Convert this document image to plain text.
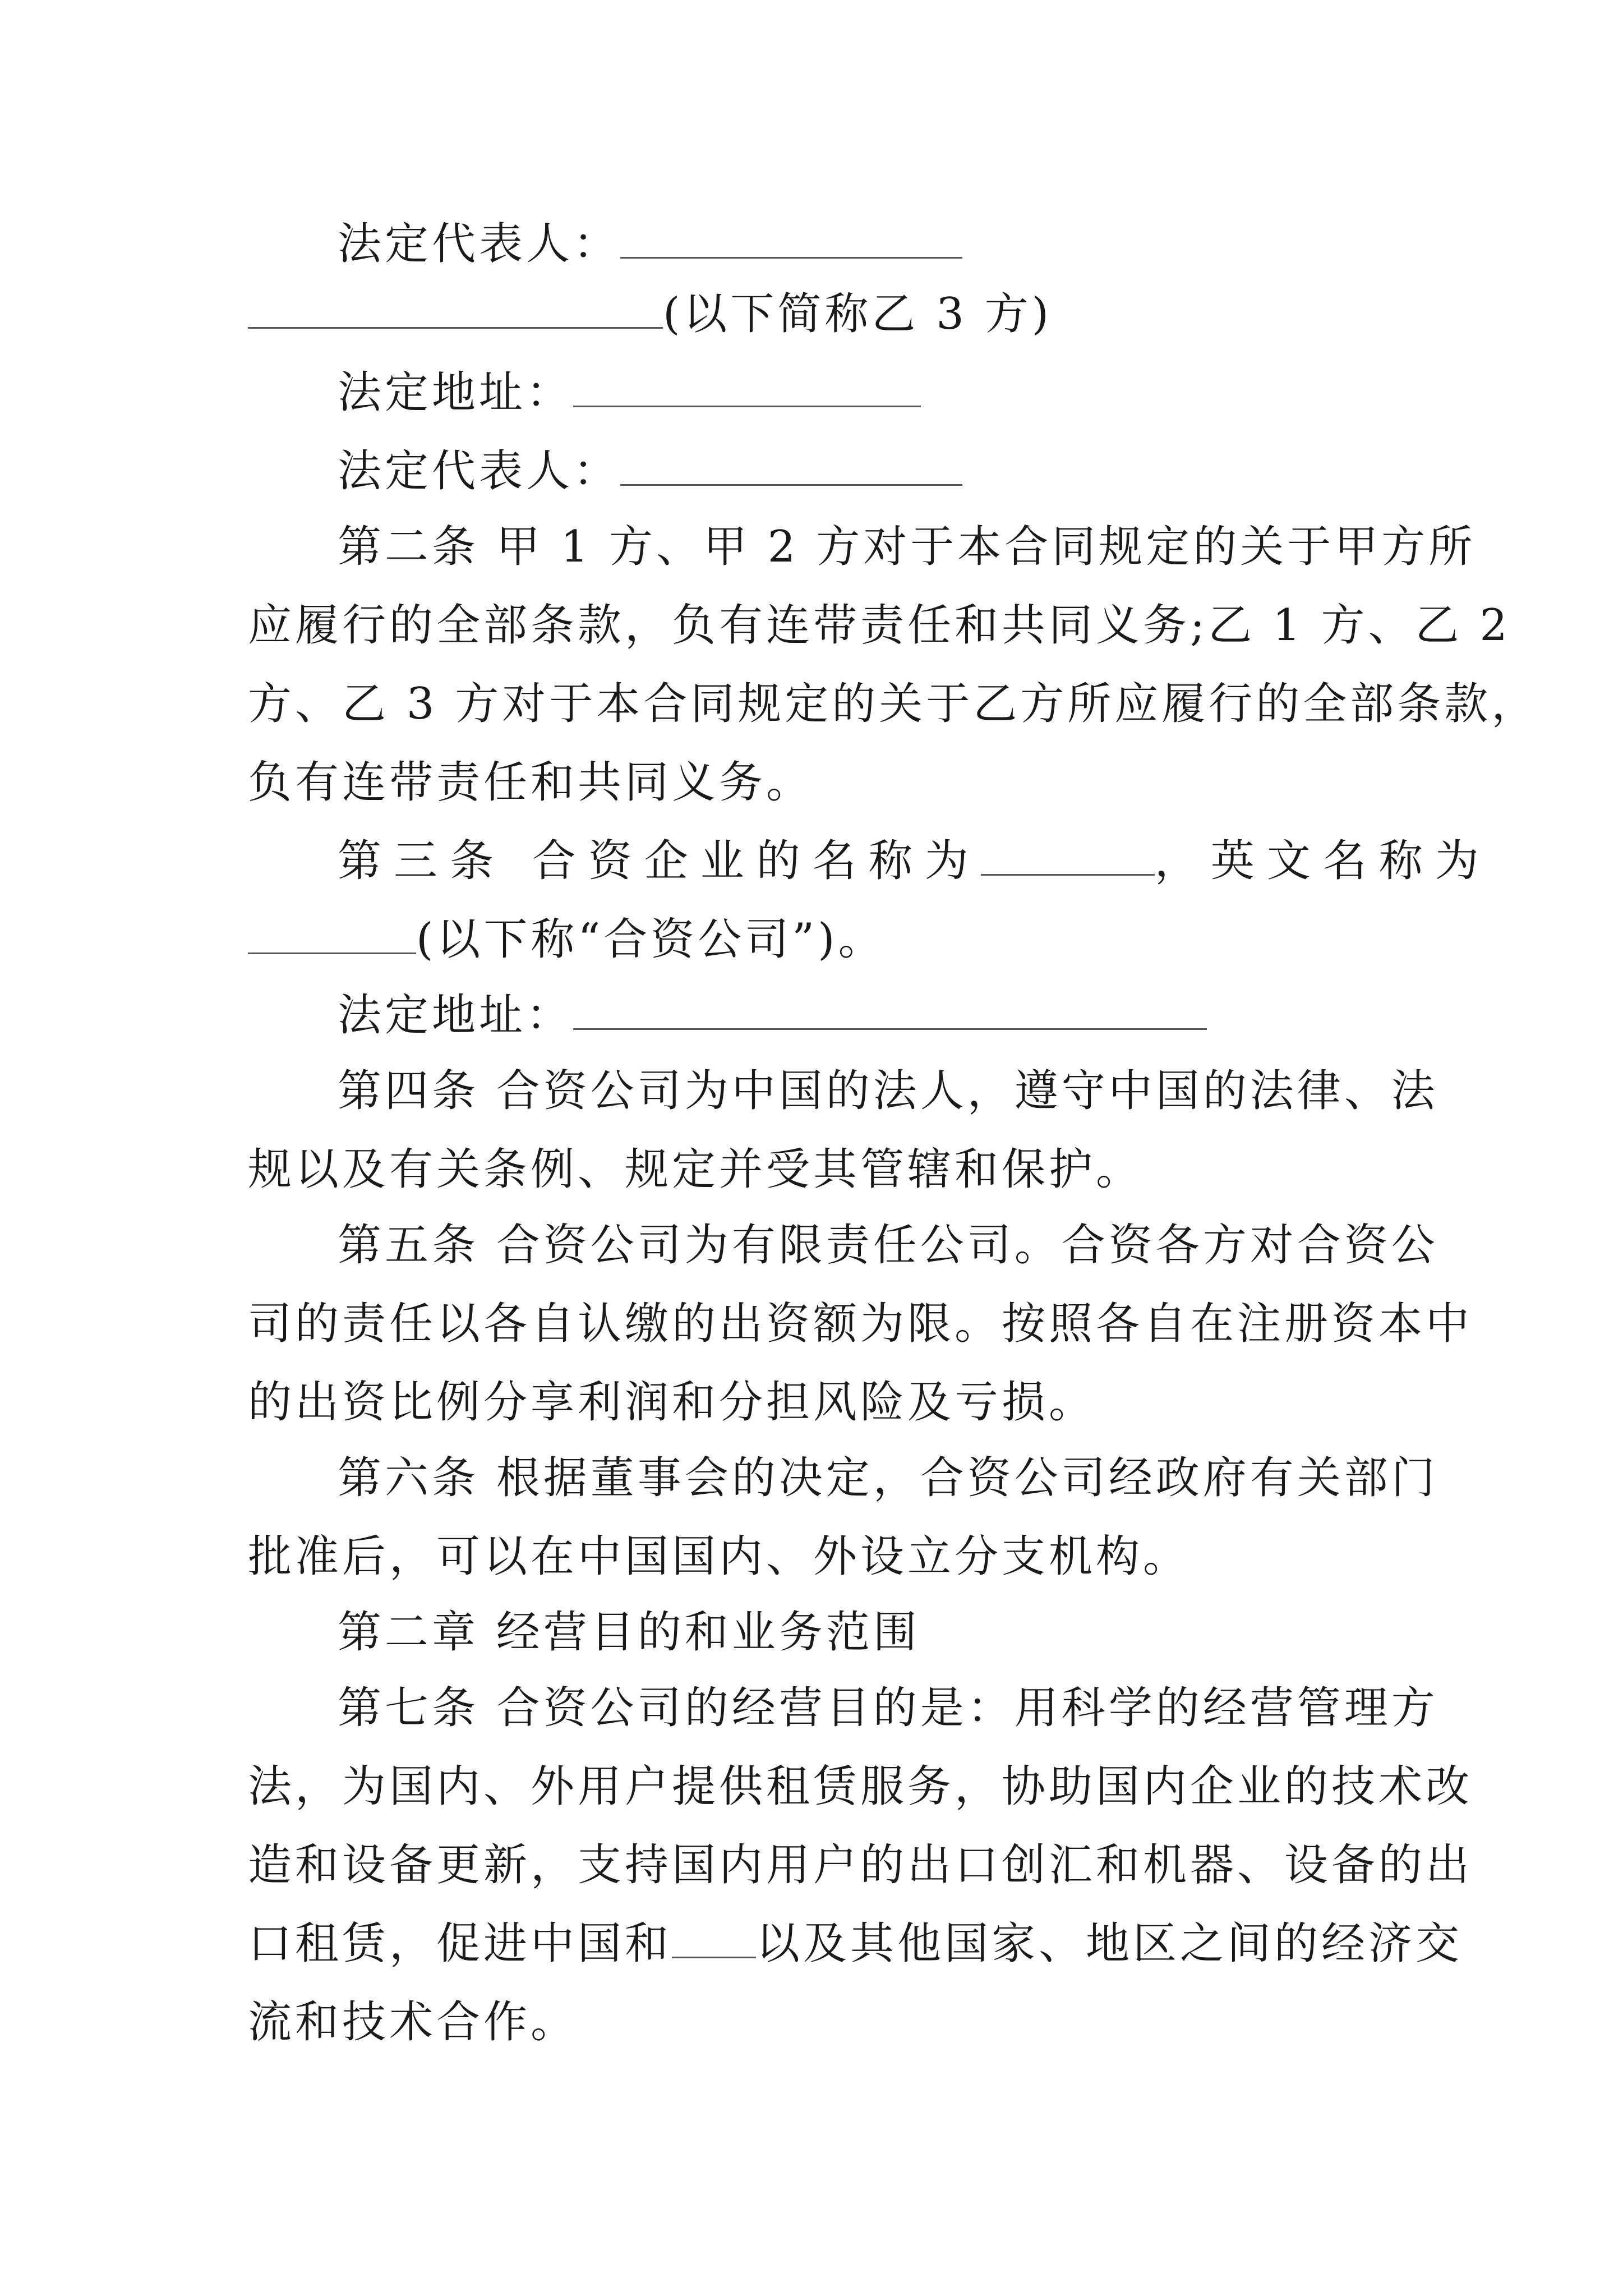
法定代表人：
(以下简称乙 3 方)
法定地址：
法定代表人：
第二条 甲 1 方、甲 2 方对于本合同规定的关于甲方所
应履行的全部条款，负有连带责任和共同义务;乙 1 方、乙 2
方、乙 3 方对于本合同规定的关于乙方所应履行的全部条款，
负有连带责任和共同义务。
第三条 合资企业的名称为	，英文名称为
(以下称“合资公司”)。
法定地址：
第四条 合资公司为中国的法人，遵守中国的法律、法
规以及有关条例、规定并受其管辖和保护。
第五条 合资公司为有限责任公司。合资各方对合资公
司的责任以各自认缴的出资额为限。按照各自在注册资本中
的出资比例分享利润和分担风险及亏损。
第六条 根据董事会的决定，合资公司经政府有关部门
批准后，可以在中国国内、外设立分支机构。
第二章 经营目的和业务范围
第七条 合资公司的经营目的是：用科学的经营管理方
法，为国内、外用户提供租赁服务，协助国内企业的技术改
造和设备更新，支持国内用户的出口创汇和机器、设备的出
口租赁，促进中国和 以及其他国家、地区之间的经济交
流和技术合作。
